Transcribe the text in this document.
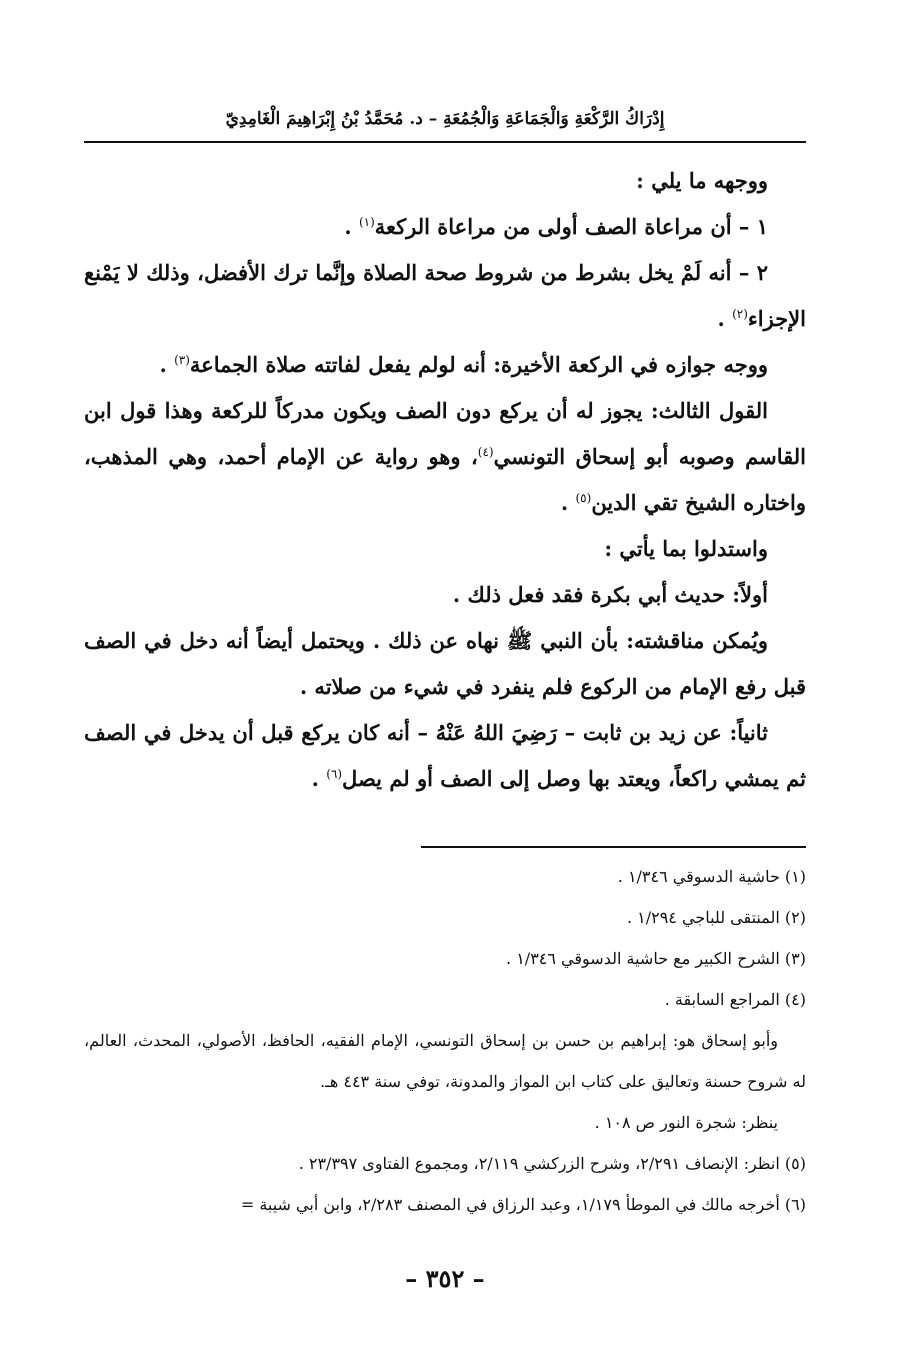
إِدْرَاكُ الرَّكْعَةِ وَالْجَمَاعَةِ وَالْجُمُعَةِ – د. مُحَمَّدُ بْنُ إِبْرَاهِيمَ الْغَامِدِيّ

ووجهه ما يلي :

١ – أن مراعاة الصف أولى من مراعاة الركعة$^{(١)}$ .

٢ – أنه لَمْ يخل بشرط من شروط صحة الصلاة وإنَّما ترك الأفضل، وذلك لا يَمْنع الإجزاء$^{(٢)}$ .

ووجه جوازه في الركعة الأخيرة: أنه لولم يفعل لفاتته صلاة الجماعة$^{(٣)}$ .

القول الثالث: يجوز له أن يركع دون الصف ويكون مدركاً للركعة وهذا قول ابن القاسم وصوبه أبو إسحاق التونسي$^{(٤)}$، وهو رواية عن الإمام أحمد، وهي المذهب، واختاره الشيخ تقي الدين$^{(٥)}$ .

واستدلوا بما يأتي :

أولاً: حديث أبي بكرة فقد فعل ذلك .

ويُمكن مناقشته: بأن النبي ﷺ نهاه عن ذلك . ويحتمل أيضاً أنه دخل في الصف قبل رفع الإمام من الركوع فلم ينفرد في شيء من صلاته .

ثانياً: عن زيد بن ثابت – رَضِيَ اللهُ عَنْهُ – أنه كان يركع قبل أن يدخل في الصف ثم يمشي راكعاً، ويعتد بها وصل إلى الصف أو لم يصل$^{(٦)}$ .

(١) حاشية الدسوقي ١/٣٤٦ .

(٢) المنتقى للباجي ١/٢٩٤ .

(٣) الشرح الكبير مع حاشية الدسوقي ١/٣٤٦ .

(٤) المراجع السابقة .

وأبو إسحاق هو: إبراهيم بن حسن بن إسحاق التونسي، الإمام الفقيه، الحافظ، الأصولي، المحدث، العالم، له شروح حسنة وتعاليق على كتاب ابن المواز والمدونة، توفي سنة ٤٤٣ هـ.

ينظر: شجرة النور ص ١٠٨ .

(٥) انظر: الإنصاف ٢/٢٩١، وشرح الزركشي ٢/١١٩، ومجموع الفتاوى ٢٣/٣٩٧ .

(٦) أخرجه مالك في الموطأ ١/١٧٩، وعبد الرزاق في المصنف ٢/٢٨٣، وابن أبي شيبة =

– ٣٥٢ –
